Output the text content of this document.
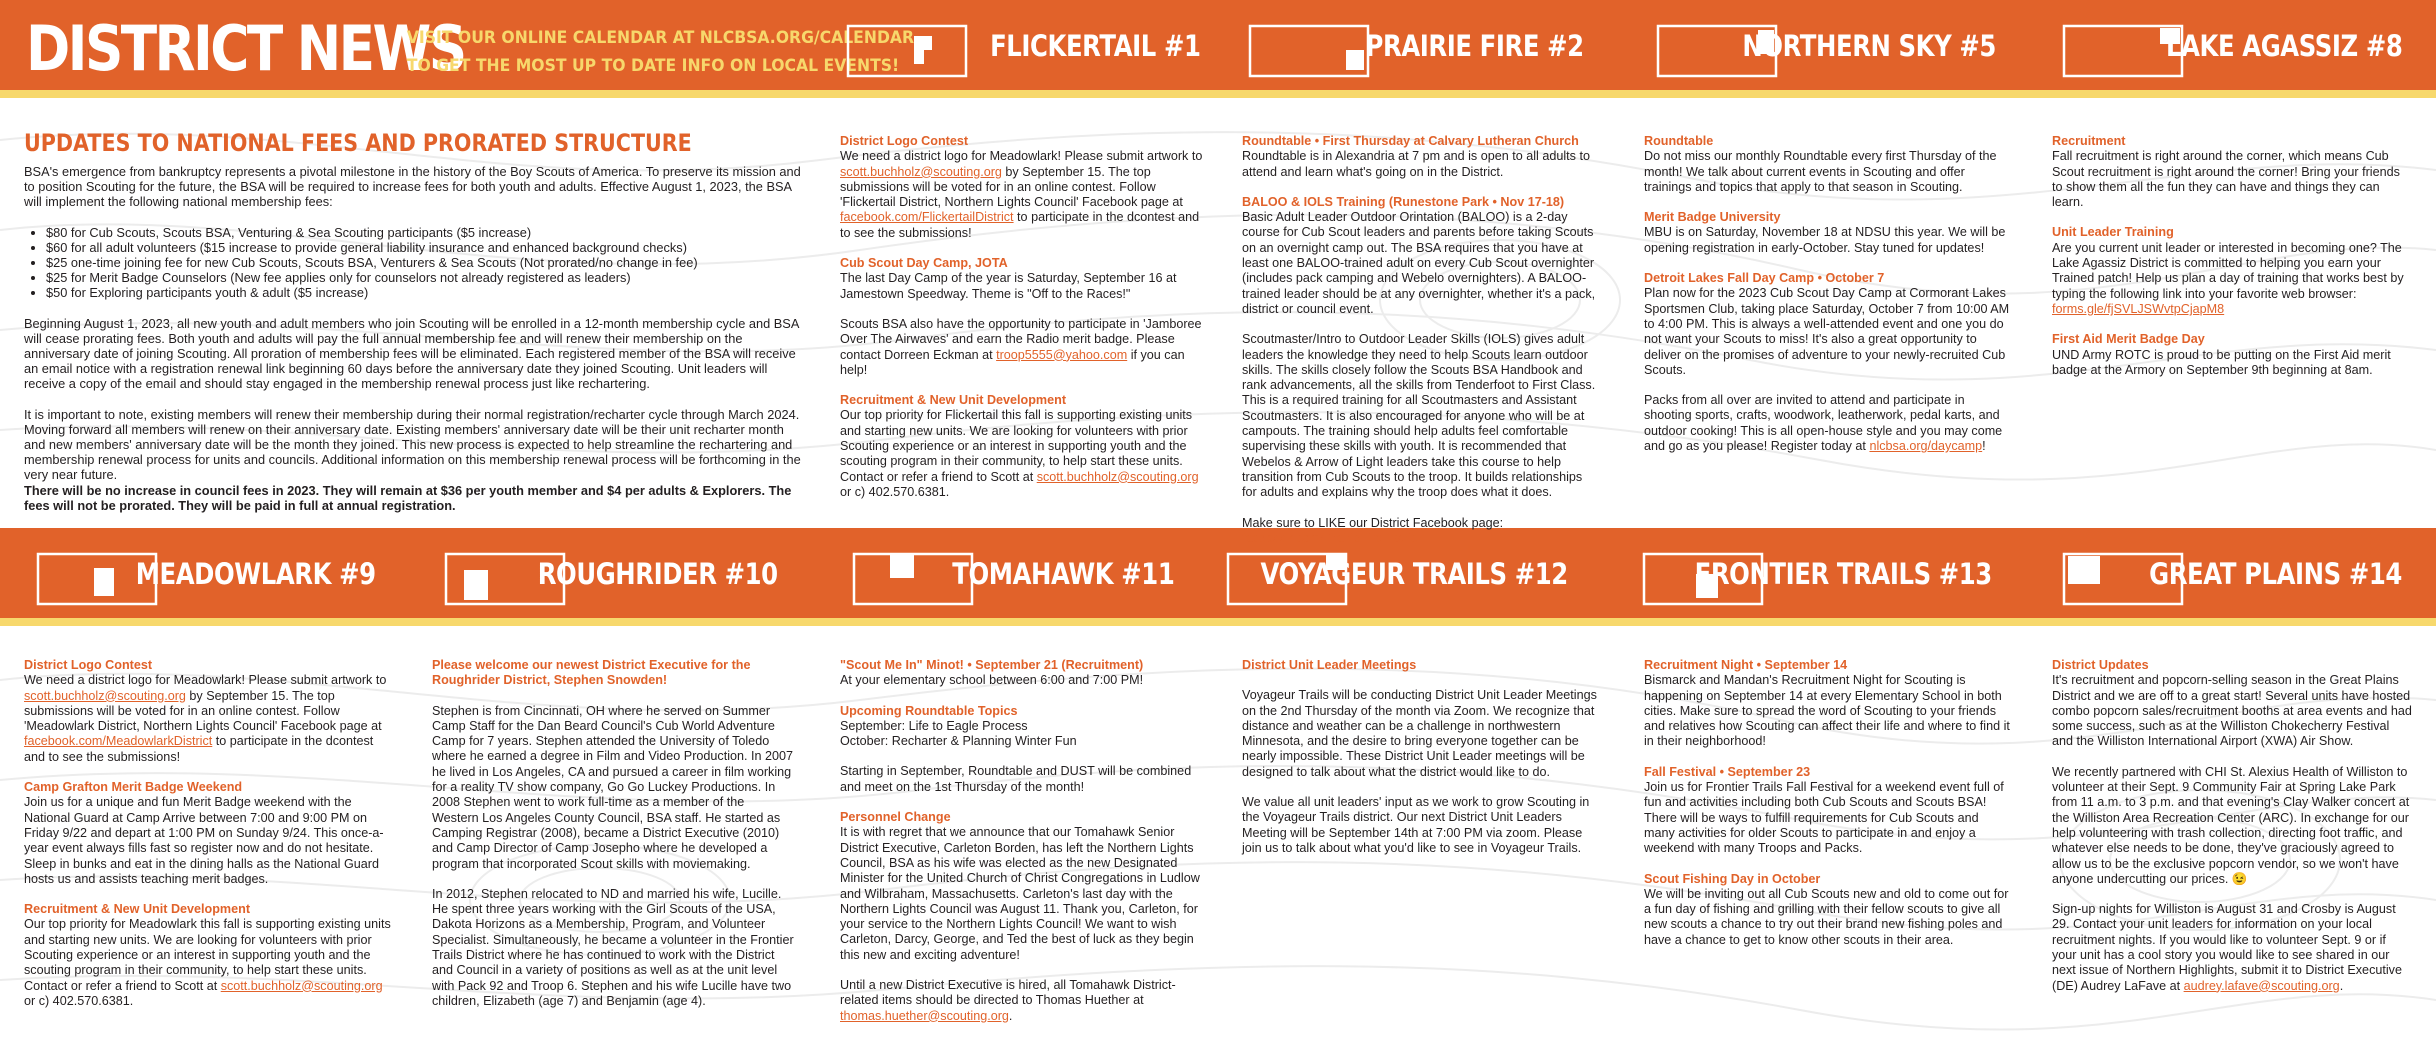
DISTRICT NEWS
VISIT OUR ONLINE CALENDAR AT NLCBSA.ORG/CALENDAR
TO GET THE MOST UP TO DATE INFO ON LOCAL EVENTS!
FLICKERTAIL #1	PRAIRIE FIRE #2	NORTHERN SKY #5	LAKE AGASSIZ #8
MEADOWLARK #9	ROUGHRIDER #10	TOMAHAWK #11	VOYAGEUR TRAILS #12	FRONTIER TRAILS #13	GREAT PLAINS #14
UPDATES TO NATIONAL FEES AND PRORATED STRUCTURE

BSA's emergence from bankruptcy represents a pivotal milestone in the history of the Boy Scouts of America. To preserve its mission and to position Scouting for the future, the BSA will be required to increase fees for both youth and adults. Effective August 1, 2023, the BSA will implement the following national membership fees:

• $80 for Cub Scouts, Scouts BSA, Venturing & Sea Scouting participants ($5 increase)
• $60 for all adult volunteers ($15 increase to provide general liability insurance and enhanced background checks)
• $25 one-time joining fee for new Cub Scouts, Scouts BSA, Venturers & Sea Scouts (Not prorated/no change in fee)
• $25 for Merit Badge Counselors (New fee applies only for counselors not already registered as leaders)
• $50 for Exploring participants youth & adult ($5 increase)

Beginning August 1, 2023, all new youth and adult members who join Scouting will be enrolled in a 12-month membership cycle and BSA will cease prorating fees. Both youth and adults will pay the full annual membership fee and will renew their membership on the anniversary date of joining Scouting. All proration of membership fees will be eliminated. Each registered member of the BSA will receive an email notice with a registration renewal link beginning 60 days before the anniversary date they joined Scouting. Unit leaders will receive a copy of the email and should stay engaged in the membership renewal process just like rechartering.

It is important to note, existing members will renew their membership during their normal registration/recharter cycle through March 2024. Moving forward all members will renew on their anniversary date. Existing members' anniversary date will be their unit recharter month and new members' anniversary date will be the month they joined. This new process is expected to help streamline the rechartering and membership renewal process for units and councils. Additional information on this membership renewal process will be forthcoming in the very near future.

There will be no increase in council fees in 2023. They will remain at $36 per youth member and $4 per adults & Explorers. The fees will not be prorated. They will be paid in full at annual registration.

District Logo Contest
We need a district logo for Meadowlark! Please submit artwork to scott.buchholz@scouting.org by September 15. The top submissions will be voted for in an online contest. Follow 'Flickertail District, Northern Lights Council' Facebook page at facebook.com/FlickertailDistrict to participate in the dcontest and to see the submissions!

Cub Scout Day Camp, JOTA
The last Day Camp of the year is Saturday, September 16 at Jamestown Speedway. Theme is "Off to the Races!"

Scouts BSA also have the opportunity to participate in 'Jamboree Over The Airwaves' and earn the Radio merit badge. Please contact Dorreen Eckman at troop5555@yahoo.com if you can help!

Recruitment & New Unit Development
Our top priority for Flickertail this fall is supporting existing units and starting new units. We are looking for volunteers with prior Scouting experience or an interest in supporting youth and the scouting program in their community, to help start these units. Contact or refer a friend to Scott at scott.buchholz@scouting.org or c) 402.570.6381.

Roundtable • First Thursday at Calvary Lutheran Church
Roundtable is in Alexandria at 7 pm and is open to all adults to attend and learn what's going on in the District.

BALOO & IOLS Training (Runestone Park • Nov 17-18)
Basic Adult Leader Outdoor Orintation (BALOO) is a 2-day course for Cub Scout leaders and parents before taking Scouts on an overnight camp out. The BSA requires that you have at least one BALOO-trained adult on every Cub Scout overnighter (includes pack camping and Webelo overnighters). A BALOO-trained leader should be at any overnighter, whether it's a pack, district or council event.

Scoutmaster/Intro to Outdoor Leader Skills (IOLS) gives adult leaders the knowledge they need to help Scouts learn outdoor skills. The skills closely follow the Scouts BSA Handbook and rank advancements, all the skills from Tenderfoot to First Class. This is a required training for all Scoutmasters and Assistant Scoutmasters. It is also encouraged for anyone who will be at campouts. The training should help adults feel comfortable supervising these skills with youth. It is recommended that Webelos & Arrow of Light leaders take this course to help transition from Cub Scouts to the troop. It builds relationships for adults and explains why the troop does what it does.

Make sure to LIKE our District Facebook page:
facebook.com/PrairieFireDistrict

Roundtable
Do not miss our monthly Roundtable every first Thursday of the month! We talk about current events in Scouting and offer trainings and topics that apply to that season in Scouting.

Merit Badge University
MBU is on Saturday, November 18 at NDSU this year. We will be opening registration in early-October. Stay tuned for updates!

Detroit Lakes Fall Day Camp • October 7
Plan now for the 2023 Cub Scout Day Camp at Cormorant Lakes Sportsmen Club, taking place Saturday, October 7 from 10:00 AM to 4:00 PM. This is always a well-attended event and one you do not want your Scouts to miss! It's also a great opportunity to deliver on the promises of adventure to your newly-recruited Cub Scouts.

Packs from all over are invited to attend and participate in shooting sports, crafts, woodwork, leatherwork, pedal karts, and outdoor cooking! This is all open-house style and you may come and go as you please! Register today at nlcbsa.org/daycamp!

Recruitment
Fall recruitment is right around the corner, which means Cub Scout recruitment is right around the corner! Bring your friends to show them all the fun they can have and things they can learn.

Unit Leader Training
Are you current unit leader or interested in becoming one? The Lake Agassiz District is committed to helping you earn your Trained patch! Help us plan a day of training that works best by typing the following link into your favorite web browser:
forms.gle/fjSVLJSWvtpCjapM8

First Aid Merit Badge Day
UND Army ROTC is proud to be putting on the First Aid merit badge at the Armory on September 9th beginning at 8am.

District Logo Contest
We need a district logo for Meadowlark! Please submit artwork to scott.buchholz@scouting.org by September 15. The top submissions will be voted for in an online contest. Follow 'Meadowlark District, Northern Lights Council' Facebook page at facebook.com/MeadowlarkDistrict to participate in the dcontest and to see the submissions!

Camp Grafton Merit Badge Weekend
Join us for a unique and fun Merit Badge weekend with the National Guard at Camp Arrive between 7:00 and 9:00 PM on Friday 9/22 and depart at 1:00 PM on Sunday 9/24. This once-a-year event always fills fast so register now and do not hesitate. Sleep in bunks and eat in the dining halls as the National Guard hosts us and assists teaching merit badges.

Recruitment & New Unit Development
Our top priority for Meadowlark this fall is supporting existing units and starting new units. We are looking for volunteers with prior Scouting experience or an interest in supporting youth and the scouting program in their community, to help start these units. Contact or refer a friend to Scott at scott.buchholz@scouting.org or c) 402.570.6381.

Please welcome our newest District Executive for the Roughrider District, Stephen Snowden!

Stephen is from Cincinnati, OH where he served on Summer Camp Staff for the Dan Beard Council's Cub World Adventure Camp for 7 years. Stephen attended the University of Toledo where he earned a degree in Film and Video Production. In 2007 he lived in Los Angeles, CA and pursued a career in film working for a reality TV show company, Go Go Luckey Productions. In 2008 Stephen went to work full-time as a member of the Western Los Angeles County Council, BSA staff. He started as Camping Registrar (2008), became a District Executive (2010) and Camp Director of Camp Josepho where he developed a program that incorporated Scout skills with moviemaking.

In 2012, Stephen relocated to ND and married his wife, Lucille. He spent three years working with the Girl Scouts of the USA, Dakota Horizons as a Membership, Program, and Volunteer Specialist. Simultaneously, he became a volunteer in the Frontier Trails District where he has continued to work with the District and Council in a variety of positions as well as at the unit level with Pack 92 and Troop 6. Stephen and his wife Lucille have two children, Elizabeth (age 7) and Benjamin (age 4).

"Scout Me In" Minot! • September 21 (Recruitment)
At your elementary school between 6:00 and 7:00 PM!

Upcoming Roundtable Topics
September: Life to Eagle Process
October: Recharter & Planning Winter Fun

Starting in September, Roundtable and DUST will be combined and meet on the 1st Thursday of the month!

Personnel Change
It is with regret that we announce that our Tomahawk Senior District Executive, Carleton Borden, has left the Northern Lights Council, BSA as his wife was elected as the new Designated Minister for the United Church of Christ Congregations in Ludlow and Wilbraham, Massachusetts. Carleton's last day with the Northern Lights Council was August 11. Thank you, Carleton, for your service to the Northern Lights Council! We want to wish Carleton, Darcy, George, and Ted the best of luck as they begin this new and exciting adventure!

Until a new District Executive is hired, all Tomahawk District-related items should be directed to Thomas Huether at thomas.huether@scouting.org.

District Unit Leader Meetings

Voyageur Trails will be conducting District Unit Leader Meetings on the 2nd Thursday of the month via Zoom. We recognize that distance and weather can be a challenge in northwestern Minnesota, and the desire to bring everyone together can be nearly impossible. These District Unit Leader meetings will be designed to talk about what the district would like to do.

We value all unit leaders' input as we work to grow Scouting in the Voyageur Trails district. Our next District Unit Leaders Meeting will be September 14th at 7:00 PM via zoom. Please join us to talk about what you'd like to see in Voyageur Trails.

Recruitment Night • September 14
Bismarck and Mandan's Recruitment Night for Scouting is happening on September 14 at every Elementary School in both cities. Make sure to spread the word of Scouting to your friends and relatives how Scouting can affect their life and where to find it in their neighborhood!

Fall Festival • September 23
Join us for Frontier Trails Fall Festival for a weekend event full of fun and activities including both Cub Scouts and Scouts BSA! There will be ways to fulfill requirements for Cub Scouts and many activities for older Scouts to participate in and enjoy a weekend with many Troops and Packs.

Scout Fishing Day in October
We will be inviting out all Cub Scouts new and old to come out for a fun day of fishing and grilling with their fellow scouts to give all new scouts a chance to try out their brand new fishing poles and have a chance to get to know other scouts in their area.

District Updates
It's recruitment and popcorn-selling season in the Great Plains District and we are off to a great start! Several units have hosted combo popcorn sales/recruitment booths at area events and had some success, such as at the Williston Chokecherry Festival and the Williston International Airport (XWA) Air Show.

We recently partnered with CHI St. Alexius Health of Williston to volunteer at their Sept. 9 Community Fair at Spring Lake Park from 11 a.m. to 3 p.m. and that evening's Clay Walker concert at the Williston Area Recreation Center (ARC). In exchange for our help volunteering with trash collection, directing foot traffic, and whatever else needs to be done, they've graciously agreed to allow us to be the exclusive popcorn vendor, so we won't have anyone undercutting our prices. 😉

Sign-up nights for Williston is August 31 and Crosby is August 29. Contact your unit leaders for information on your local recruitment nights. If you would like to volunteer Sept. 9 or if your unit has a cool story you would like to see shared in our next issue of Northern Highlights, submit it to District Executive (DE) Audrey LaFave at audrey.lafave@scouting.org.
